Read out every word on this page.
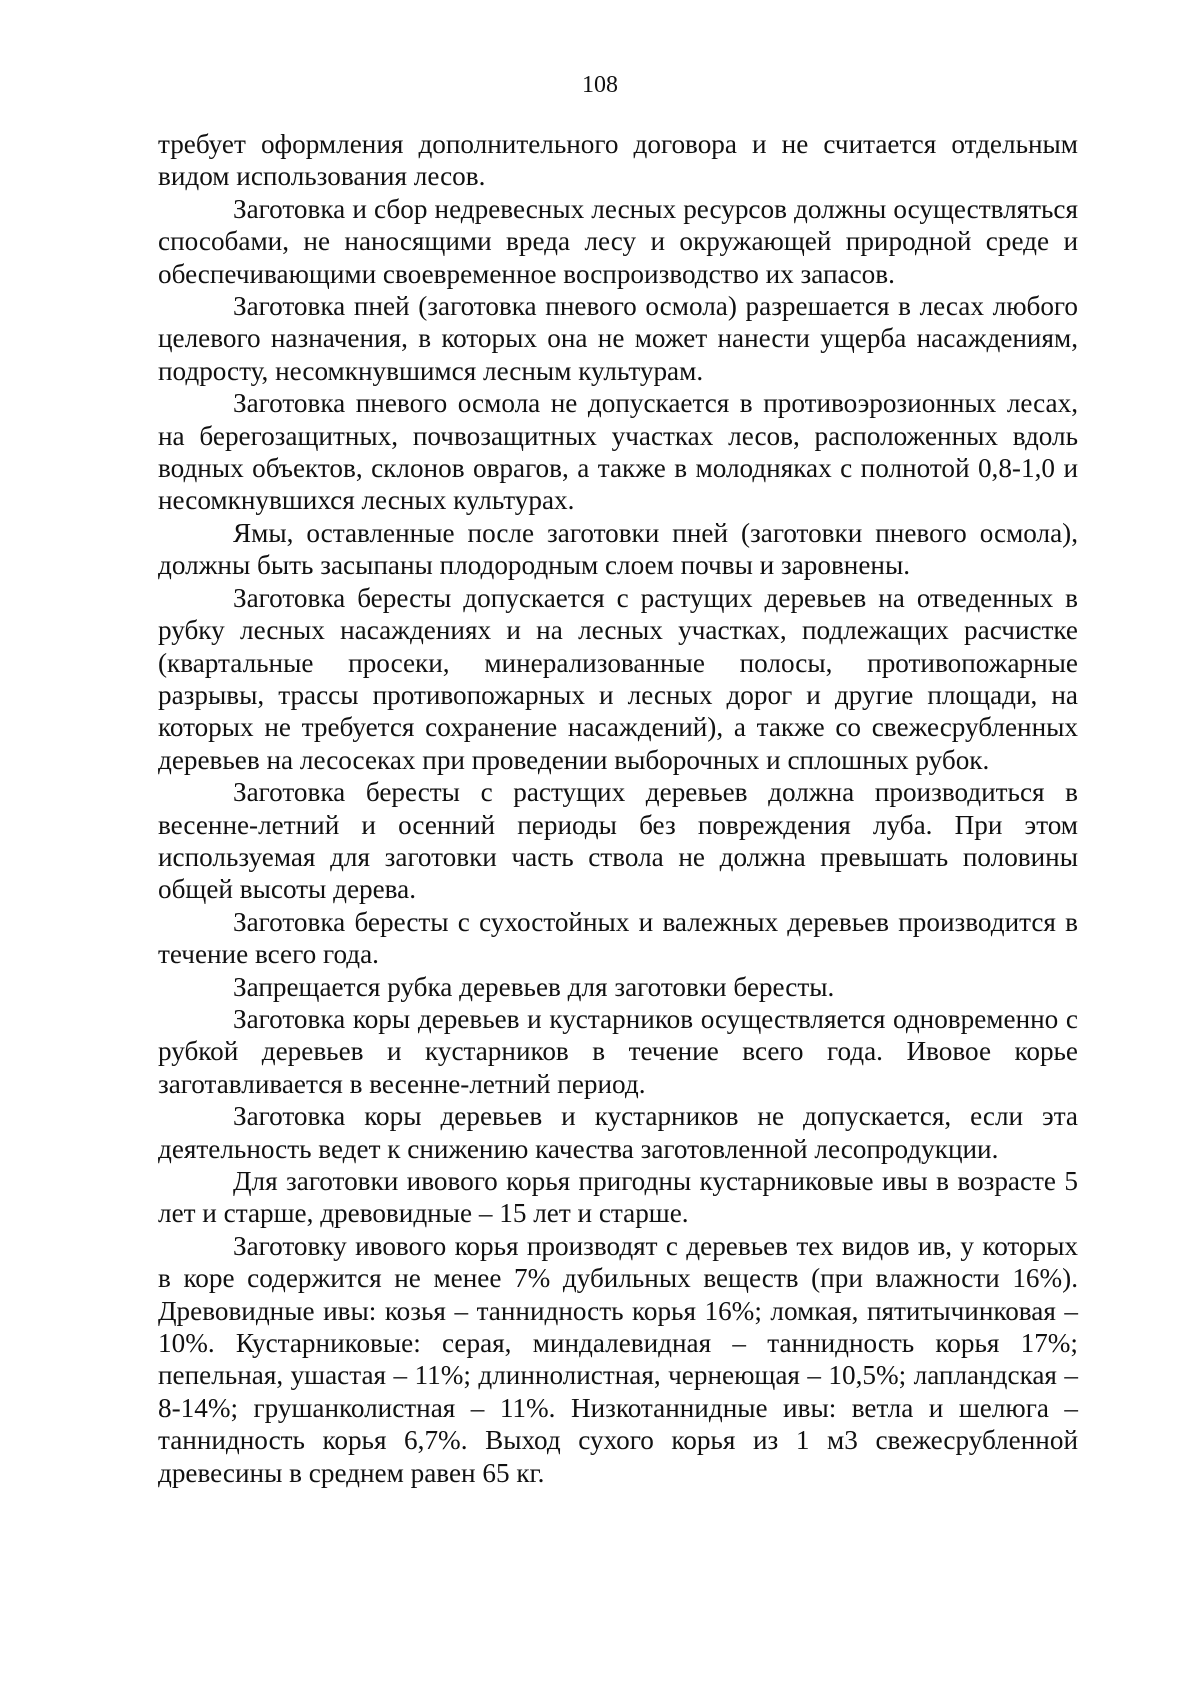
108

требует оформления дополнительного договора и не считается отдельным видом использования лесов.

Заготовка и сбор недревесных лесных ресурсов должны осуществляться способами, не наносящими вреда лесу и окружающей природной среде и обеспечивающими своевременное воспроизводство их запасов.

Заготовка пней (заготовка пневого осмола) разрешается в лесах любого целевого назначения, в которых она не может нанести ущерба насаждениям, подросту, несомкнувшимся лесным культурам.

Заготовка пневого осмола не допускается в противоэрозионных лесах, на берегозащитных, почвозащитных участках лесов, расположенных вдоль водных объектов, склонов оврагов, а также в молодняках с полнотой 0,8-1,0 и несомкнувшихся лесных культурах.

Ямы, оставленные после заготовки пней (заготовки пневого осмола), должны быть засыпаны плодородным слоем почвы и заровнены.

Заготовка бересты допускается с растущих деревьев на отведенных в рубку лесных насаждениях и на лесных участках, подлежащих расчистке (квартальные просеки, минерализованные полосы, противопожарные разрывы, трассы противопожарных и лесных дорог и другие площади, на которых не требуется сохранение насаждений), а также со свежесрубленных деревьев на лесосеках при проведении выборочных и сплошных рубок.

Заготовка бересты с растущих деревьев должна производиться в весенне-летний и осенний периоды без повреждения луба. При этом используемая для заготовки часть ствола не должна превышать половины общей высоты дерева.

Заготовка бересты с сухостойных и валежных деревьев производится в течение всего года.

Запрещается рубка деревьев для заготовки бересты.

Заготовка коры деревьев и кустарников осуществляется одновременно с рубкой деревьев и кустарников в течение всего года. Ивовое корье заготавливается в весенне-летний период.

Заготовка коры деревьев и кустарников не допускается, если эта деятельность ведет к снижению качества заготовленной лесопродукции.

Для заготовки ивового корья пригодны кустарниковые ивы в возрасте 5 лет и старше, древовидные – 15 лет и старше.

Заготовку ивового корья производят с деревьев тех видов ив, у которых в коре содержится не менее 7% дубильных веществ (при влажности 16%). Древовидные ивы: козья – таннидность корья 16%; ломкая, пятитычинковая – 10%. Кустарниковые: серая, миндалевидная – таннидность корья 17%; пепельная, ушастая – 11%; длиннолистная, чернеющая – 10,5%; лапландская – 8-14%; грушанколистная – 11%. Низкотаннидные ивы: ветла и шелюга – таннидность корья 6,7%. Выход сухого корья из 1 м3 свежесрубленной древесины в среднем равен 65 кг.
